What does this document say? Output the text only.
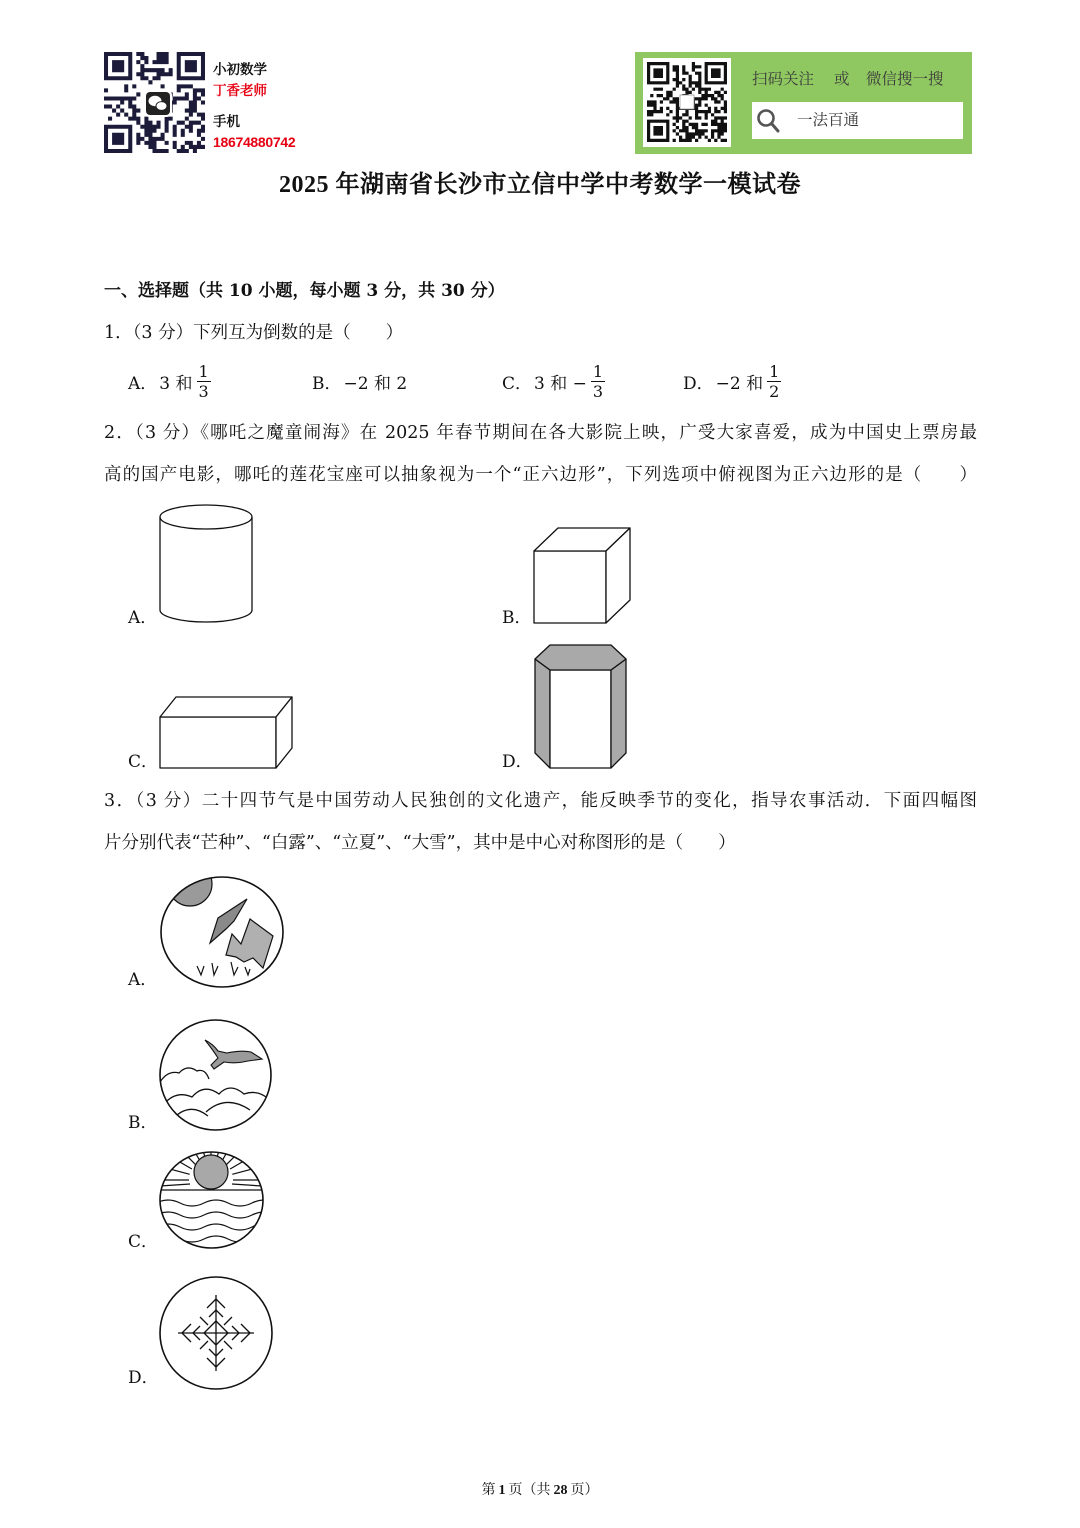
小初数学
丁香老师
手机
18674880742
扫码关注 或 微信搜一搜
一法百通
2025 年湖南省长沙市立信中学中考数学一模试卷
一、选择题（共 10 小题，每小题 3 分，共 30 分）
1．（3 分）下列互为倒数的是（　　）
A． 3 和 $\frac{1}{3}$	B． −2 和 2	C． 3 和 − $\frac{1}{3}$	D． −2 和 $\frac{1}{2}$
2．（3 分）《哪吒之魔童闹海》在 2025 年春节期间在各大影院上映，广受大家喜爱，成为中国史上票房最
高的国产电影，哪吒的莲花宝座可以抽象视为一个“正六边形”，下列选项中俯视图为正六边形的是（　　）
A．	B．
C．	D．
3．（3 分）二十四节气是中国劳动人民独创的文化遗产，能反映季节的变化，指导农事活动．下面四幅图
片分别代表“芒种”、“白露”、“立夏”、“大雪”，其中是中心对称图形的是（　　）
A．
B．
C．
D．
第 1 页（共 28 页）
